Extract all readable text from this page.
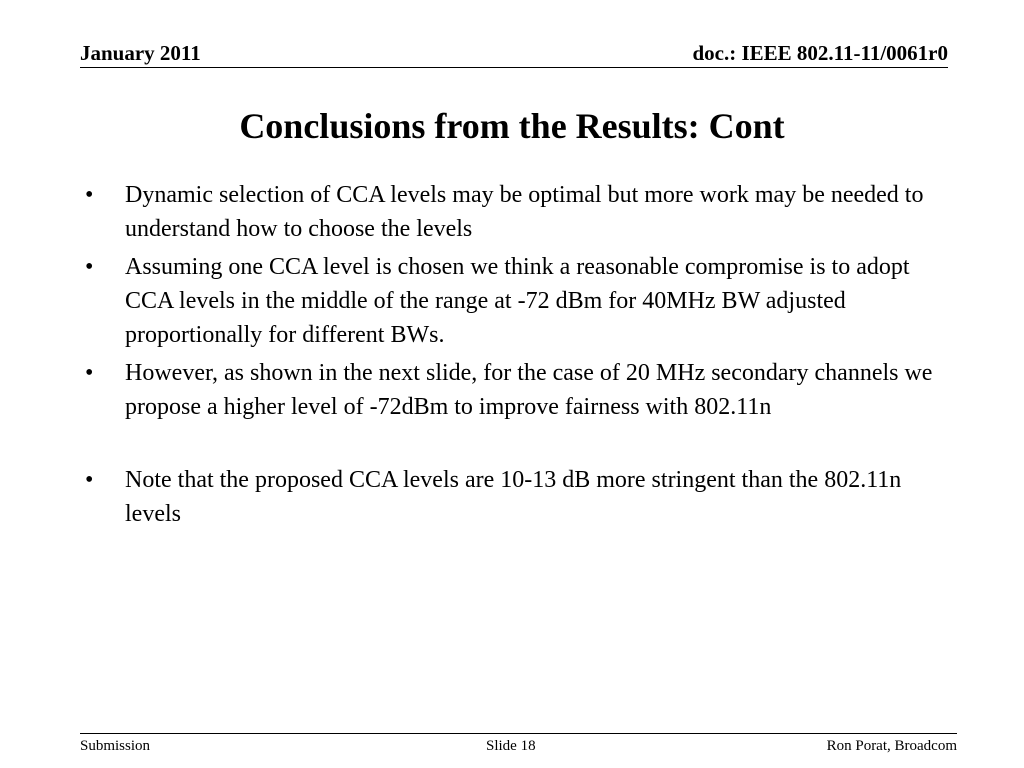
January 2011	doc.: IEEE 802.11-11/0061r0
Conclusions from the Results: Cont
• Dynamic selection of CCA levels may be optimal but more work may be needed to understand how to choose the levels
• Assuming one CCA level is chosen we think a reasonable compromise is to adopt CCA levels in the middle of the range at -72 dBm for 40MHz BW adjusted proportionally for different BWs.
• However, as shown in the next slide, for the case of 20 MHz secondary channels we propose a higher level of -72dBm to improve fairness with 802.11n
• Note that the proposed CCA levels are 10-13 dB more stringent than the 802.11n levels
Submission	Slide 18	Ron Porat, Broadcom
